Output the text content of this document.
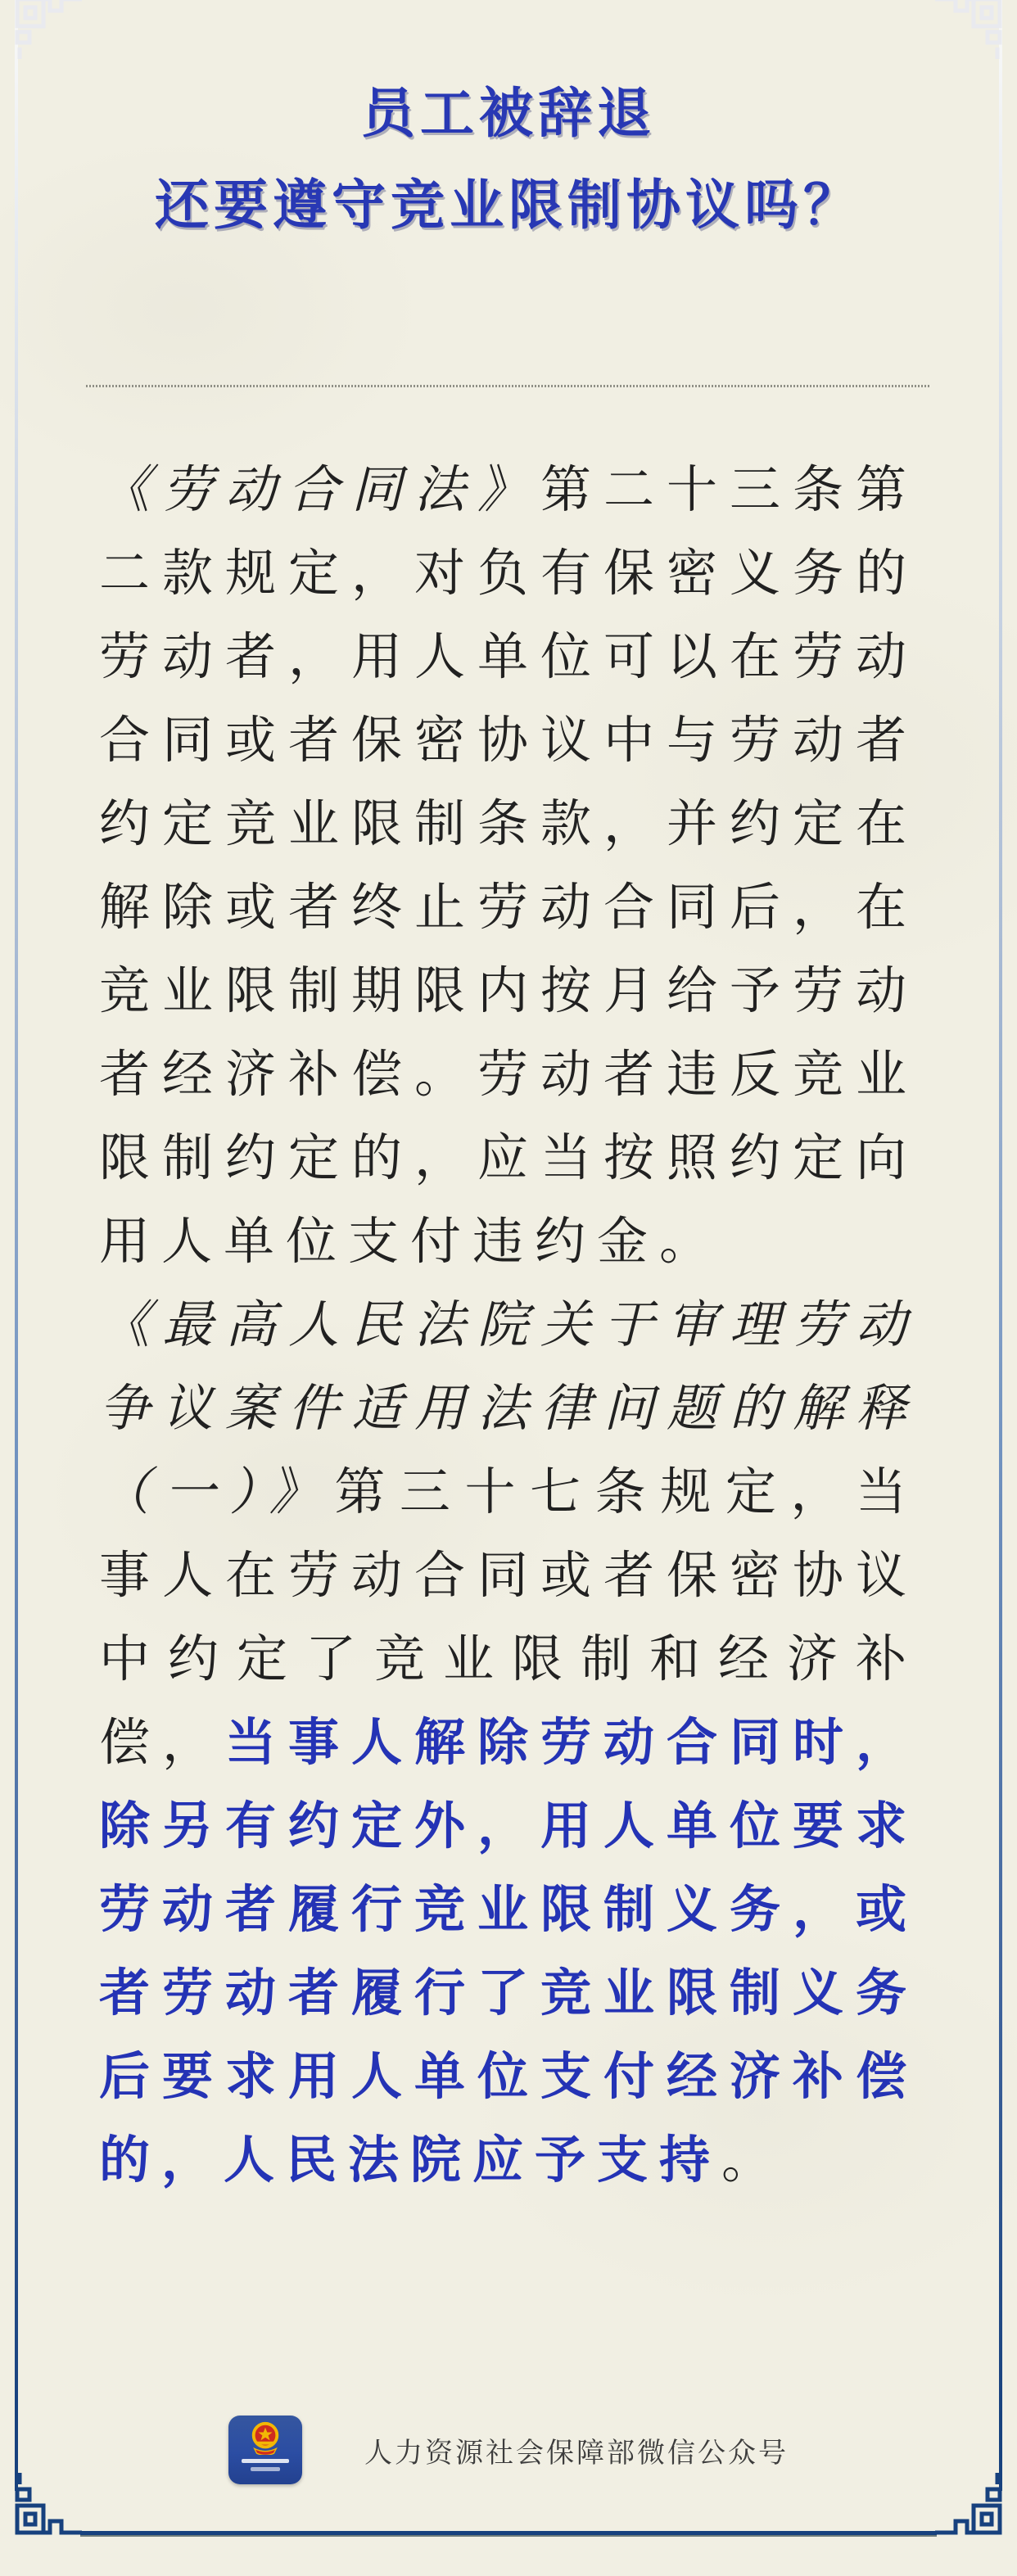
员工被辞退
还要遵守竞业限制协议吗？

《劳动合同法》第二十三条第二款规定，对负有保密义务的劳动者，用人单位可以在劳动合同或者保密协议中与劳动者约定竞业限制条款，并约定在解除或者终止劳动合同后，在竞业限制期限内按月给予劳动者经济补偿。劳动者违反竞业限制约定的，应当按照约定向用人单位支付违约金。

《最高人民法院关于审理劳动争议案件适用法律问题的解释（一）》第三十七条规定，当事人在劳动合同或者保密协议中约定了竞业限制和经济补偿，当事人解除劳动合同时，除另有约定外，用人单位要求劳动者履行竞业限制义务，或者劳动者履行了竞业限制义务后要求用人单位支付经济补偿的，人民法院应予支持。

人力资源社会保障部微信公众号
